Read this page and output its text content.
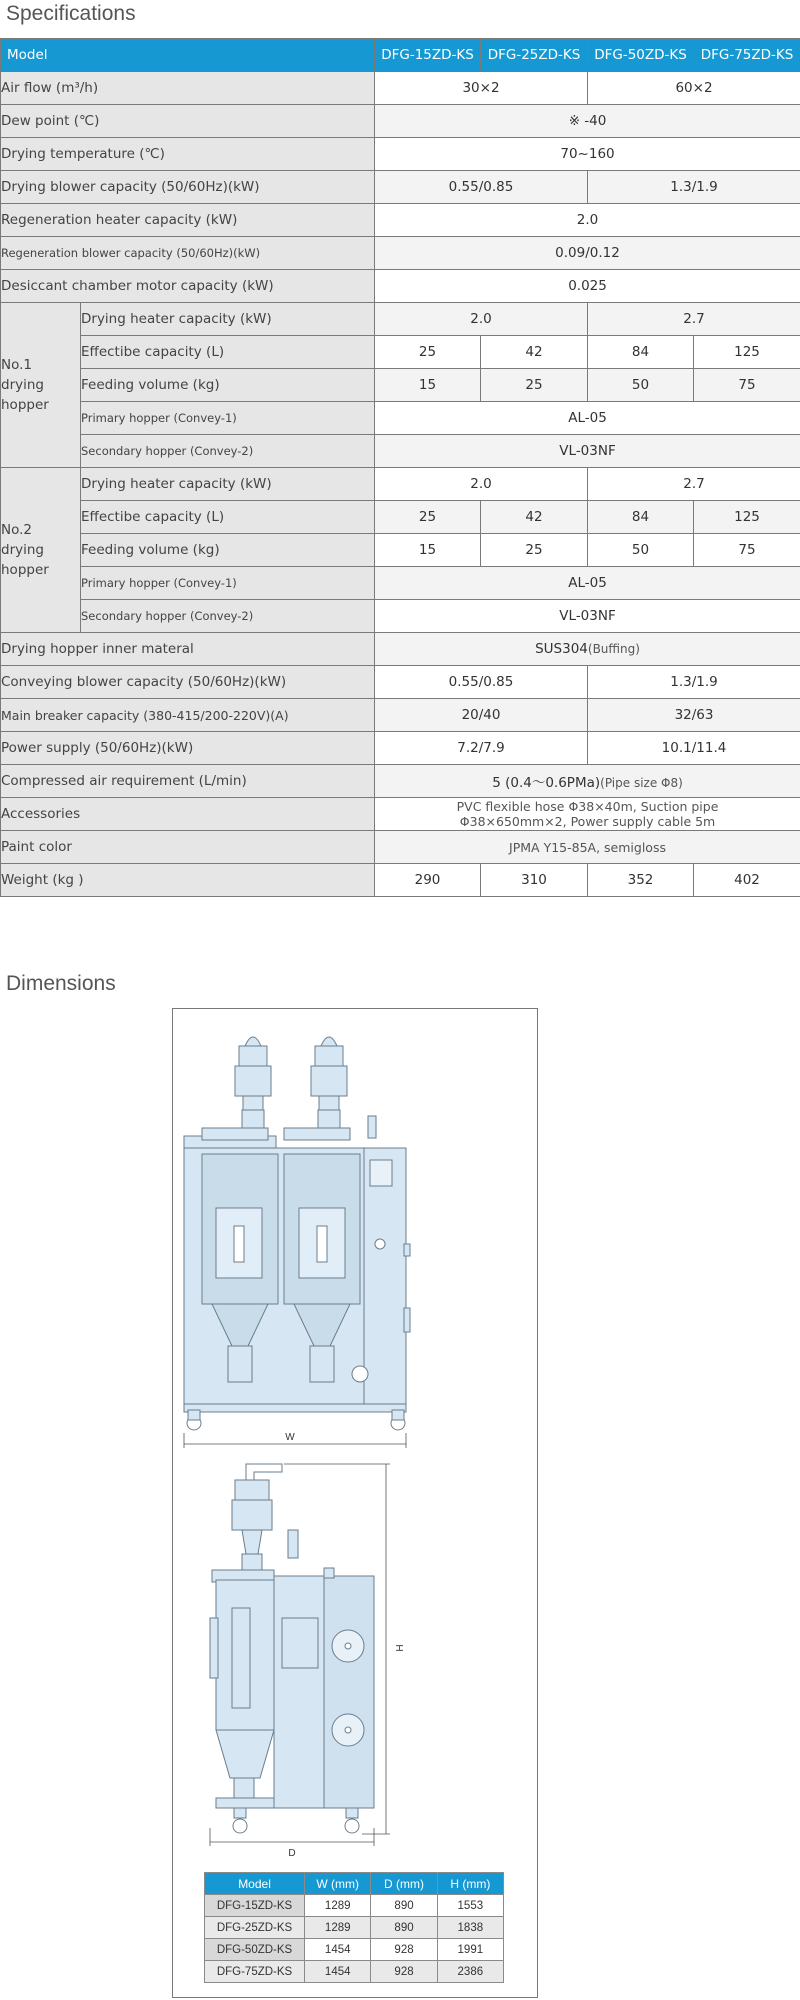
Specifications
Model		DFG-15ZD-KS	DFG-25ZD-KS	DFG-50ZD-KS	DFG-75ZD-KS
Air flow (m³/h)		30×2		60×2	
Dew point (℃)		※ -40			
Drying temperature (℃)		70~160			
Drying blower capacity (50/60Hz)(kW)		0.55/0.85		1.3/1.9	
Regeneration heater capacity (kW)		2.0			
Regeneration blower capacity (50/60Hz)(kW)		0.09/0.12			
Desiccant chamber motor capacity (kW)		0.025			
No.1
drying
hopper	Drying heater capacity (kW)	2.0		2.7	
	Effectibe capacity (L)	25	42	84	125
	Feeding volume (kg)	15	25	50	75
	Primary hopper (Convey-1)	AL-05			
	Secondary hopper (Convey-2)	VL-03NF			
No.2
drying
hopper	Drying heater capacity (kW)	2.0		2.7	
	Effectibe capacity (L)	25	42	84	125
	Feeding volume (kg)	15	25	50	75
	Primary hopper (Convey-1)	AL-05			
	Secondary hopper (Convey-2)	VL-03NF			
Drying hopper inner materal		SUS304(Buffing)			
Conveying blower capacity (50/60Hz)(kW)		0.55/0.85		1.3/1.9	
Main breaker capacity (380-415/200-220V)(A)		20/40		32/63	
Power supply (50/60Hz)(kW)		7.2/7.9		10.1/11.4	
Compressed air requirement (L/min)		5 (0.4～0.6PMa)(Pipe size Φ8)			
Accessories		PVC flexible hose Φ38×40m, Suction pipe
Φ38×650mm×2, Power supply cable 5m			
Paint color		JPMA Y15-85A, semigloss			
Weight (kg )		290	310	352	402
Dimensions
W
D
H
Model	W (mm)	D (mm)	H (mm)
DFG-15ZD-KS	1289	890	1553
DFG-25ZD-KS	1289	890	1838
DFG-50ZD-KS	1454	928	1991
DFG-75ZD-KS	1454	928	2386
